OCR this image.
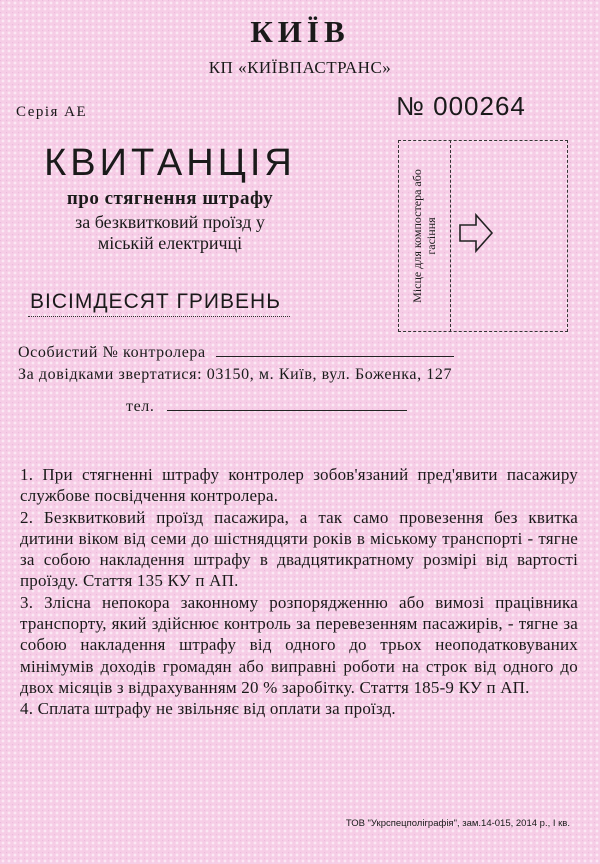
КИЇВ
КП «КИЇВПАСТРАНС»
Серія АЕ	№ 000264
КВИТАНЦІЯ
про стягнення штрафу
за безквитковий проїзд у
міській електричці
ВІСІМДЕСЯТ ГРИВЕНЬ	Місце для компостера або гасіння
Особистий № контролера
За довідками звертатися: 03150, м. Київ, вул. Боженка, 127
тел.

1. При стягненні штрафу контролер зобов'язаний пред'явити пасажиру службове посвідчення контролера.

2. Безквитковий проїзд пасажира, а так само провезення без квитка дитини віком від семи до шістнядцяти років в міському транспорті - тягне за собою накладення штрафу в двадцятикратному розмірі від вартості проїзду. Стаття 135 КУ п АП.

3. Злісна непокора законному розпорядженню або вимозі працівника транспорту, який здійснює контроль за перевезенням пасажирів, - тягне за собою накладення штрафу від одного до трьох неоподатковуваних мінімумів доходів громадян або виправні роботи на строк від одного до двох місяців з відрахуванням 20 % заробітку. Стаття 185-9 КУ п АП.

4. Сплата штрафу не звільняє від оплати за проїзд.

ТОВ "Укрспецполіграфія", зам.14-015, 2014 р., І кв.
